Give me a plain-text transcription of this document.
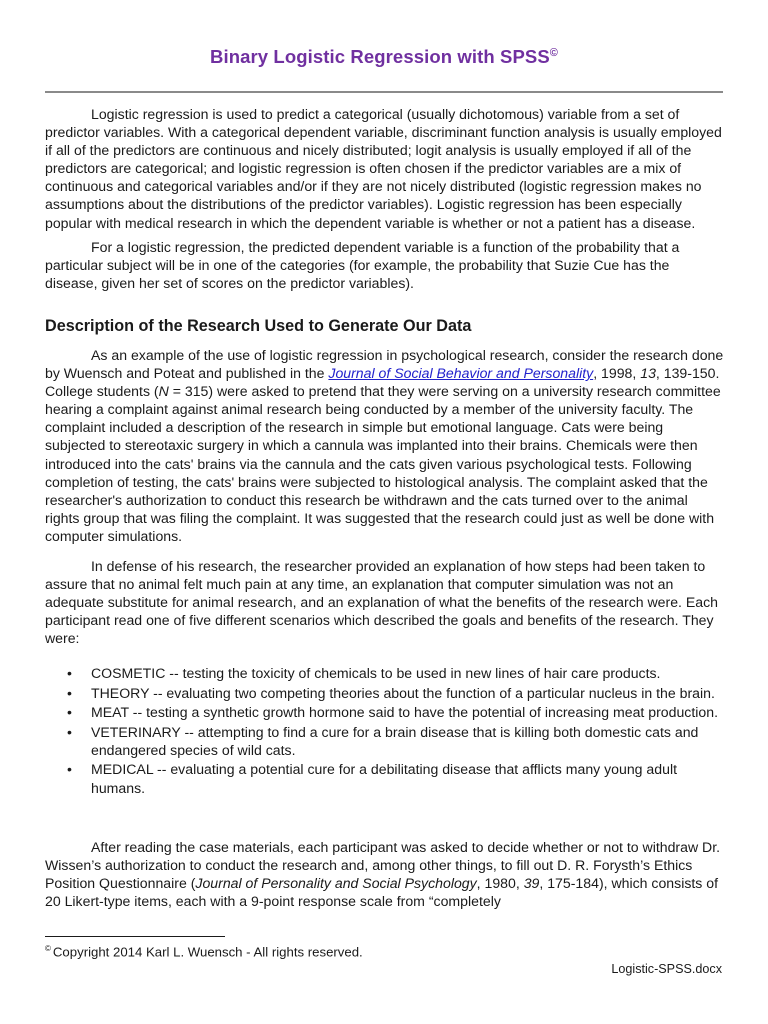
Binary Logistic Regression with SPSS©

Logistic regression is used to predict a categorical (usually dichotomous) variable from a set of predictor variables. With a categorical dependent variable, discriminant function analysis is usually employed if all of the predictors are continuous and nicely distributed; logit analysis is usually employed if all of the predictors are categorical; and logistic regression is often chosen if the predictor variables are a mix of continuous and categorical variables and/or if they are not nicely distributed (logistic regression makes no assumptions about the distributions of the predictor variables). Logistic regression has been especially popular with medical research in which the dependent variable is whether or not a patient has a disease.

For a logistic regression, the predicted dependent variable is a function of the probability that a particular subject will be in one of the categories (for example, the probability that Suzie Cue has the disease, given her set of scores on the predictor variables).

Description of the Research Used to Generate Our Data

As an example of the use of logistic regression in psychological research, consider the research done by Wuensch and Poteat and published in the Journal of Social Behavior and Personality, 1998, 13, 139-150. College students (N = 315) were asked to pretend that they were serving on a university research committee hearing a complaint against animal research being conducted by a member of the university faculty. The complaint included a description of the research in simple but emotional language. Cats were being subjected to stereotaxic surgery in which a cannula was implanted into their brains. Chemicals were then introduced into the cats' brains via the cannula and the cats given various psychological tests. Following completion of testing, the cats' brains were subjected to histological analysis. The complaint asked that the researcher's authorization to conduct this research be withdrawn and the cats turned over to the animal rights group that was filing the complaint. It was suggested that the research could just as well be done with computer simulations.

In defense of his research, the researcher provided an explanation of how steps had been taken to assure that no animal felt much pain at any time, an explanation that computer simulation was not an adequate substitute for animal research, and an explanation of what the benefits of the research were. Each participant read one of five different scenarios which described the goals and benefits of the research. They were:

• COSMETIC -- testing the toxicity of chemicals to be used in new lines of hair care products.
• THEORY -- evaluating two competing theories about the function of a particular nucleus in the brain.
• MEAT -- testing a synthetic growth hormone said to have the potential of increasing meat production.
• VETERINARY -- attempting to find a cure for a brain disease that is killing both domestic cats and endangered species of wild cats.
• MEDICAL -- evaluating a potential cure for a debilitating disease that afflicts many young adult humans.

After reading the case materials, each participant was asked to decide whether or not to withdraw Dr. Wissen’s authorization to conduct the research and, among other things, to fill out D. R. Forysth’s Ethics Position Questionnaire (Journal of Personality and Social Psychology, 1980, 39, 175-184), which consists of 20 Likert-type items, each with a 9-point response scale from “completely

© Copyright 2014 Karl L. Wuensch - All rights reserved.
Logistic-SPSS.docx
